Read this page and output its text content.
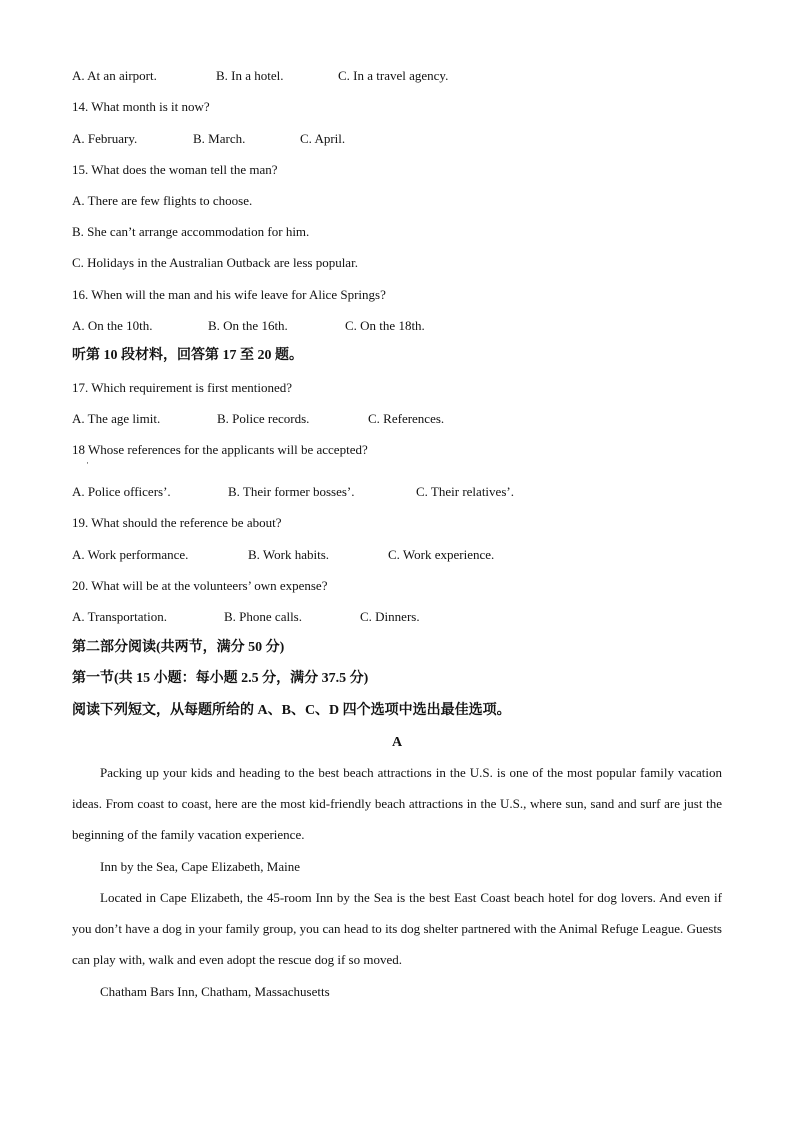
A. At an airport.	B. In a hotel.	C. In a travel agency.
14. What month is it now?
A. February.	B. March.	C. April.
15. What does the woman tell the man?
A. There are few flights to choose.
B. She can’t arrange accommodation for him.
C. Holidays in the Australian Outback are less popular.
16. When will the man and his wife leave for Alice Springs?
A. On the 10th.	B. On the 16th.	C. On the 18th.
听第 10 段材料，回答第 17 至 20 题。
17. Which requirement is first mentioned?
A. The age limit.	B. Police records.	C. References.
18 Whose references for the applicants will be accepted?
·
A. Police officers’.	B. Their former bosses’.	C. Their relatives’.
19. What should the reference be about?
A. Work performance.	B. Work habits.	C. Work experience.
20. What will be at the volunteers’ own expense?
A. Transportation.	B. Phone calls.	C. Dinners.
第二部分阅读(共两节，满分 50 分)
第一节(共 15 小题：每小题 2.5 分，满分 37.5 分)
阅读下列短文，从每题所给的 A、B、C、D 四个选项中选出最佳选项。
A
Packing up your kids and heading to the best beach attractions in the U.S. is one of the most popular family vacation ideas. From coast to coast, here are the most kid-friendly beach attractions in the U.S., where sun, sand and surf are just the beginning of the family vacation experience.
Inn by the Sea, Cape Elizabeth, Maine
Located in Cape Elizabeth, the 45-room Inn by the Sea is the best East Coast beach hotel for dog lovers. And even if you don’t have a dog in your family group, you can head to its dog shelter partnered with the Animal Refuge League. Guests can play with, walk and even adopt the rescue dog if so moved.
Chatham Bars Inn, Chatham, Massachusetts
